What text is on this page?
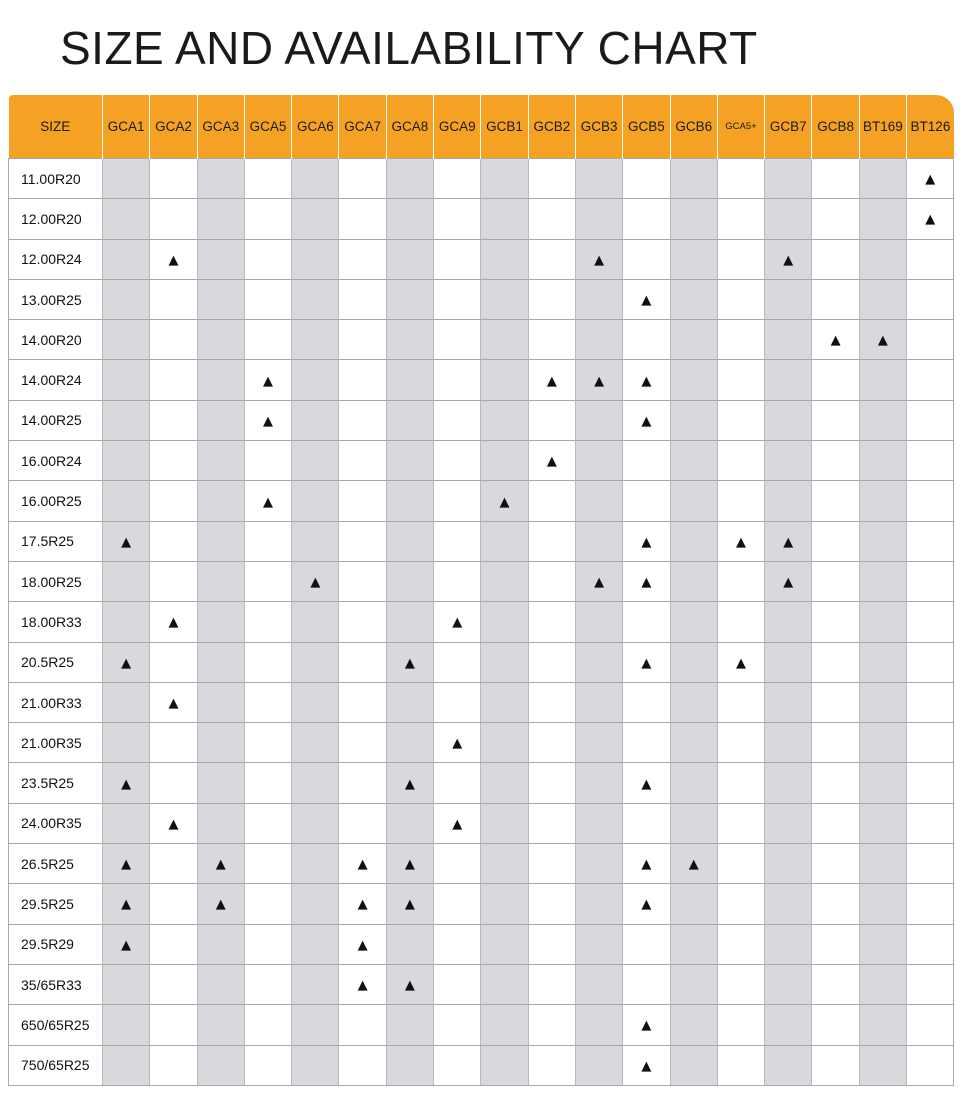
SIZE AND AVAILABILITY CHART
SIZE	GCA1	GCA2	GCA3	GCA5	GCA6	GCA7	GCA8	GCA9	GCB1	GCB2	GCB3	GCB5	GCB6	GCA5+	GCB7	GCB8	BT169	BT126
11.00R20																		▲
12.00R20																		▲
12.00R24		▲									▲				▲			
13.00R25												▲						
14.00R20																▲	▲	
14.00R24				▲						▲	▲	▲						
14.00R25				▲								▲						
16.00R24										▲								
16.00R25				▲					▲									
17.5R25	▲											▲		▲	▲			
18.00R25					▲						▲	▲			▲			
18.00R33		▲						▲										
20.5R25	▲						▲					▲		▲				
21.00R33		▲																
21.00R35								▲										
23.5R25	▲						▲					▲						
24.00R35		▲						▲										
26.5R25	▲		▲			▲	▲					▲	▲					
29.5R25	▲		▲			▲	▲					▲						
29.5R29	▲					▲												
35/65R33						▲	▲											
650/65R25												▲						
750/65R25												▲						
